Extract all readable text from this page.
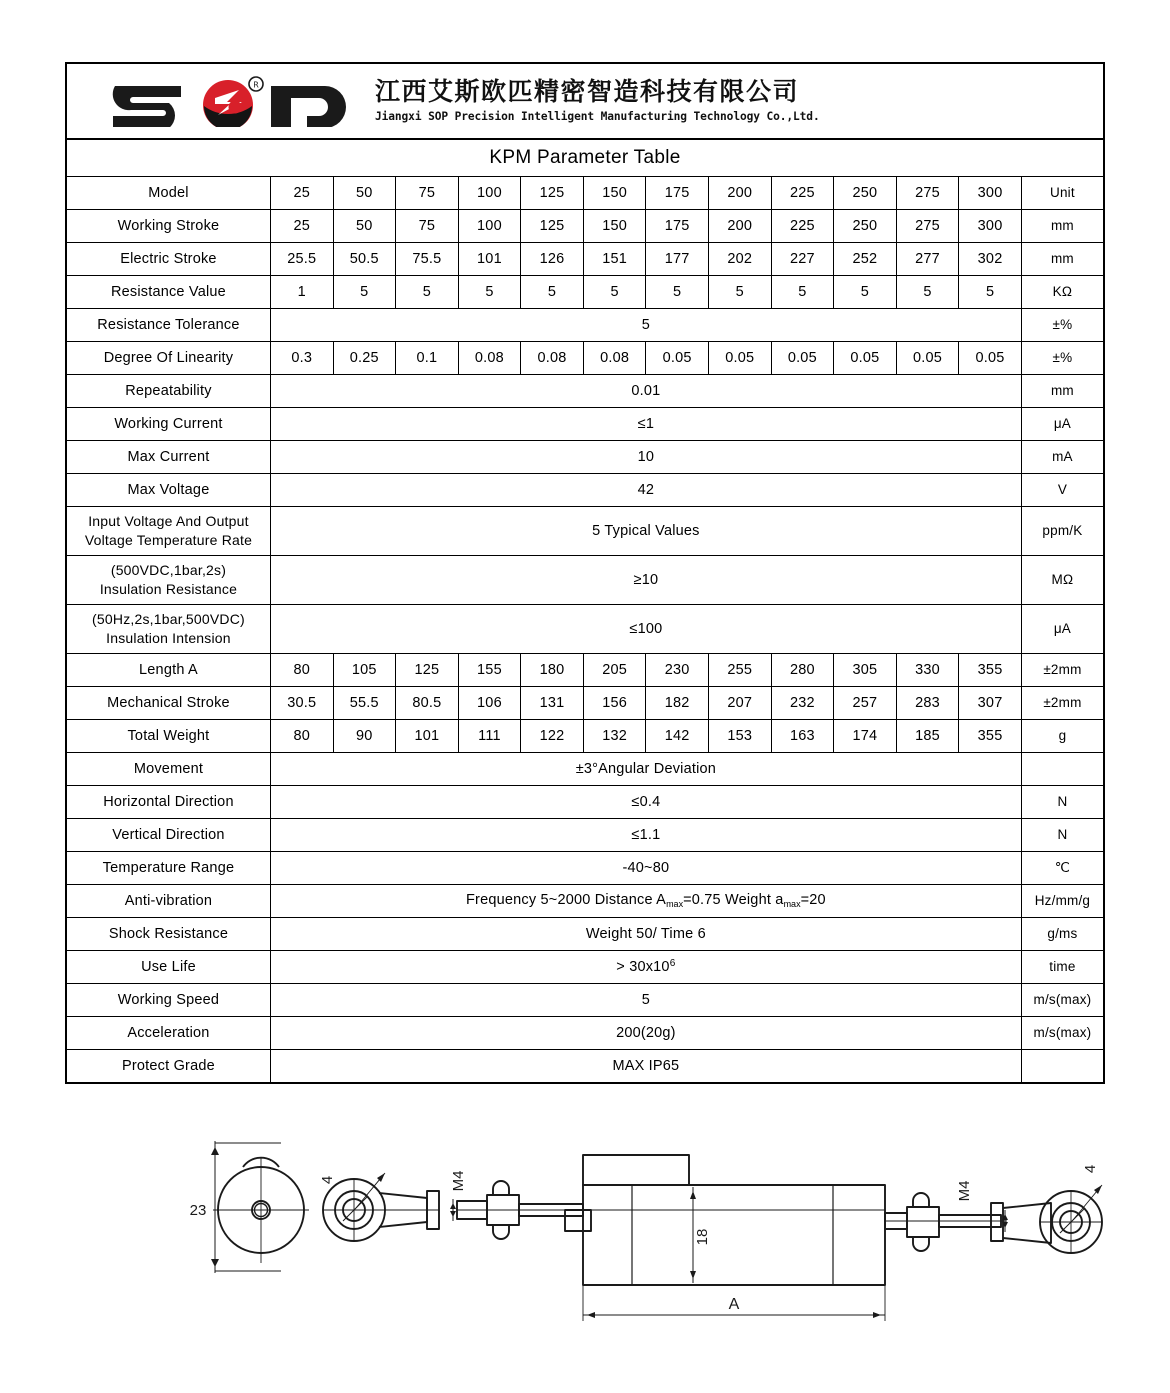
R	江西艾斯欧匹精密智造科技有限公司
Jiangxi SOP Precision Intelligent Manufacturing Technology Co.,Ltd.
KPM Parameter Table													
Model	25	50	75	100	125	150	175	200	225	250	275	300	Unit
Working Stroke	25	50	75	100	125	150	175	200	225	250	275	300	mm
Electric Stroke	25.5	50.5	75.5	101	126	151	177	202	227	252	277	302	mm
Resistance Value	1	5	5	5	5	5	5	5	5	5	5	5	KΩ
Resistance Tolerance	5												±%
Degree Of Linearity	0.3	0.25	0.1	0.08	0.08	0.08	0.05	0.05	0.05	0.05	0.05	0.05	±%
Repeatability	0.01												mm
Working Current	≤1												μA
Max Current	10												mA
Max Voltage	42												V

Input Voltage And Output
Voltage Temperature Rate	5 Typical Values												ppm/K

(500VDC,1bar,2s)
Insulation Resistance	≥10												MΩ

(50Hz,2s,1bar,500VDC)
Insulation Intension	≤100												μA
Length A	80	105	125	155	180	205	230	255	280	305	330	355	±2mm
Mechanical Stroke	30.5	55.5	80.5	106	131	156	182	207	232	257	283	307	±2mm
Total Weight	80	90	101	111	122	132	142	153	163	174	185	355	g
Movement	±3°Angular Deviation												
Horizontal Direction	≤0.4												N
Vertical Direction	≤1.1												N
Temperature Range	-40~80												℃
Anti-vibration	Frequency 5~2000 Distance $A_{max}=0.75$ Weight $a_{max}=20$												Hz/mm/g
Shock Resistance	Weight 50/ Time 6												g/ms
Use Life	> $30x10^6$												time
Working Speed	5												m/s(max)
Acceleration	200(20g)												m/s(max)
Protect Grade	MAX IP65												
23
4	M4
18
M4
4
A
